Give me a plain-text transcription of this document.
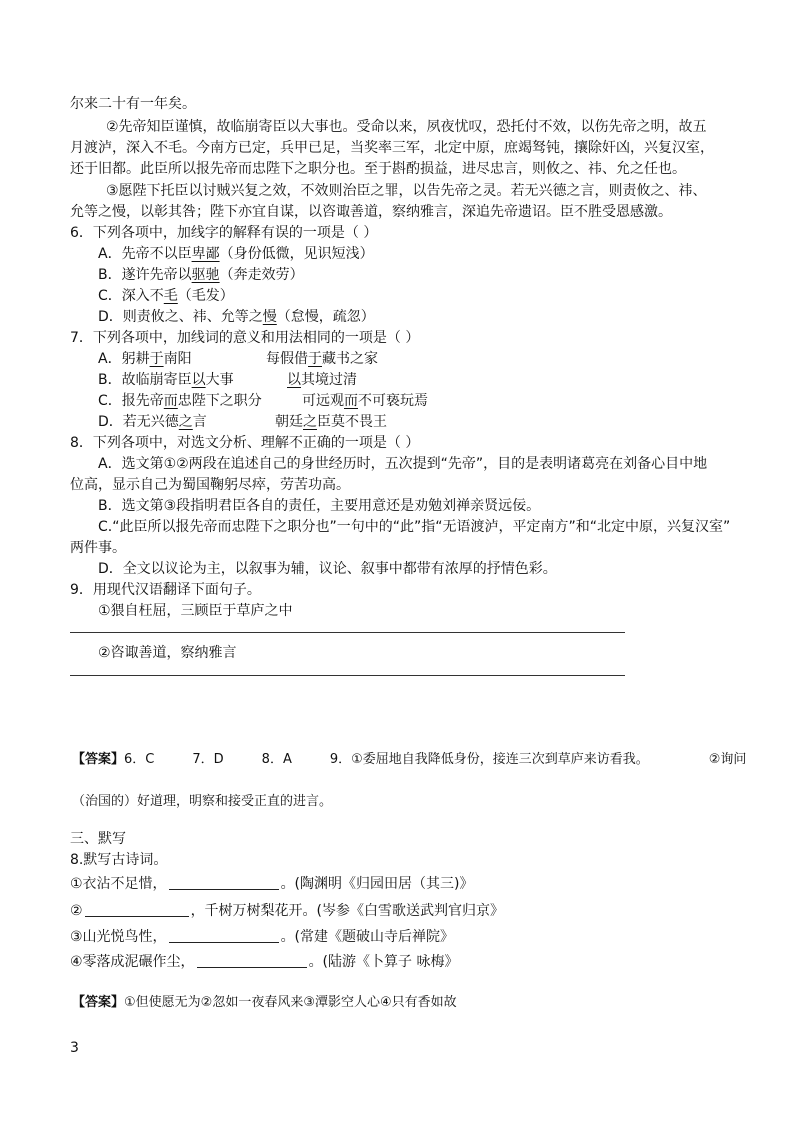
尔来二十有一年矣。
②先帝知臣谨慎，故临崩寄臣以大事也。受命以来，夙夜忧叹，恐托付不效，以伤先帝之明，故五
月渡泸，深入不毛。今南方已定，兵甲已足，当奖率三军，北定中原，庶竭驽钝，攘除奸凶，兴复汉室，
还于旧都。此臣所以报先帝而忠陛下之职分也。至于斟酌损益，进尽忠言，则攸之、祎、允之任也。
③愿陛下托臣以讨贼兴复之效，不效则治臣之罪，以告先帝之灵。若无兴德之言，则责攸之、祎、
允等之慢，以彰其咎；陛下亦宜自谋，以咨诹善道，察纳雅言，深追先帝遗诏。臣不胜受恩感激。
6．下列各项中，加线字的解释有误的一项是（ ）
A．先帝不以臣卑鄙（身份低微，见识短浅）
B．遂许先帝以驱驰（奔走效劳）
C．深入不毛（毛发）
D．则责攸之、祎、允等之慢（怠慢，疏忽）
7．下列各项中，加线词的意义和用法相同的一项是（ ）
A．躬耕于南阳	每假借于藏书之家
B．故临崩寄臣以大事	以其境过清
C．报先帝而忠陛下之职分	可远观而不可亵玩焉
D．若无兴德之言	朝廷之臣莫不畏王
8．下列各项中，对选文分析、理解不正确的一项是（ ）
A．选文第①②两段在追述自己的身世经历时，五次提到“先帝”，目的是表明诸葛亮在刘备心目中地
位高，显示自己为蜀国鞠躬尽瘁，劳苦功高。
B．选文第③段指明君臣各自的责任，主要用意还是劝勉刘禅亲贤远佞。
C.“此臣所以报先帝而忠陛下之职分也”一句中的“此”指“无语渡泸，平定南方”和“北定中原，兴复汉室”
两件事。
D．全文以议论为主，以叙事为辅，议论、叙事中都带有浓厚的抒情色彩。
9．用现代汉语翻译下面句子。
①猥自枉屈，三顾臣于草庐之中
②咨诹善道，察纳雅言
【答案】6．C	7．D	8．A	9．①委屈地自我降低身份，接连三次到草庐来访看我。	②询问
（治国的）好道理，明察和接受正直的进言。
三、默写
8.默写古诗词。
①衣沾不足惜，	。(陶渊明《归园田居（其三)》
②	，千树万树梨花开。(岑参《白雪歌送武判官归京》
③山光悦鸟性，	。(常建《题破山寺后禅院》
④零落成泥碾作尘，	。(陆游《卜算子 咏梅》
【答案】①但使愿无为②忽如一夜春风来③潭影空人心④只有香如故
3
